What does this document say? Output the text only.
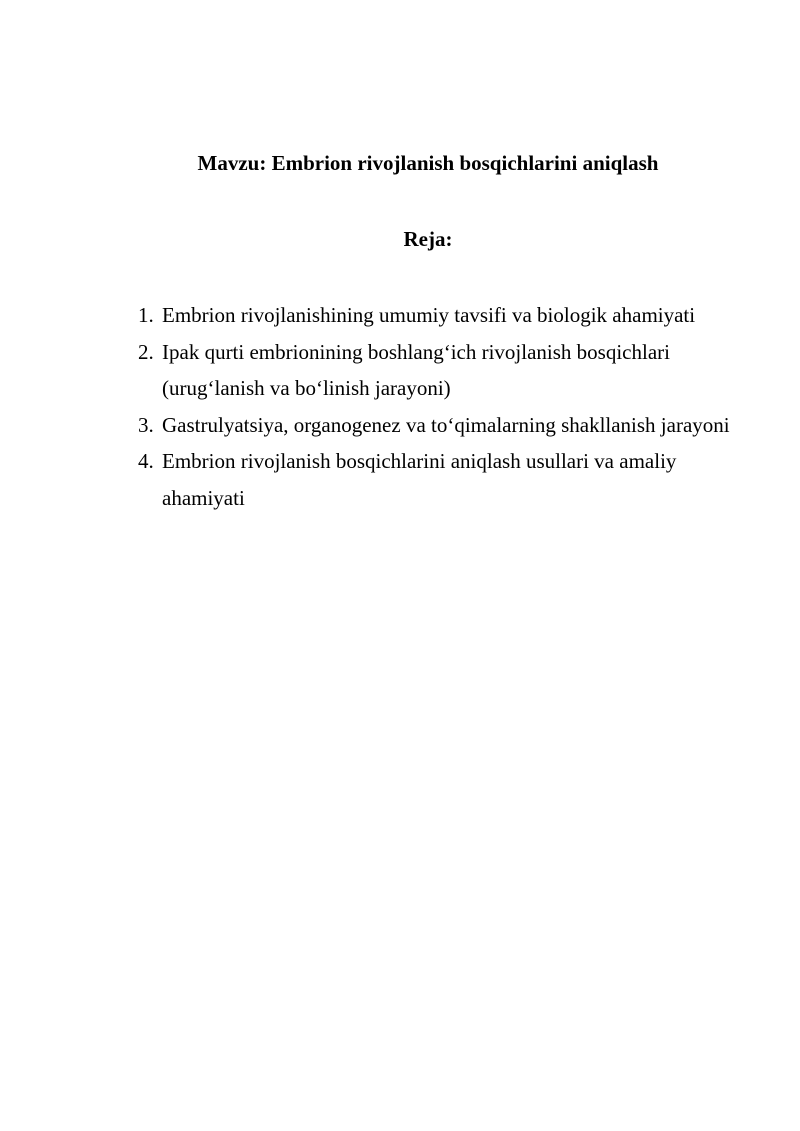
Mavzu: Embrion rivojlanish bosqichlarini aniqlash
Reja:
1. Embrion rivojlanishining umumiy tavsifi va biologik ahamiyati
2. Ipak qurti embrionining boshlang‘ich rivojlanish bosqichlari (urug‘lanish va bo‘linish jarayoni)
3. Gastrulyatsiya, organogenez va to‘qimalarning shakllanish jarayoni
4. Embrion rivojlanish bosqichlarini aniqlash usullari va amaliy ahamiyati
